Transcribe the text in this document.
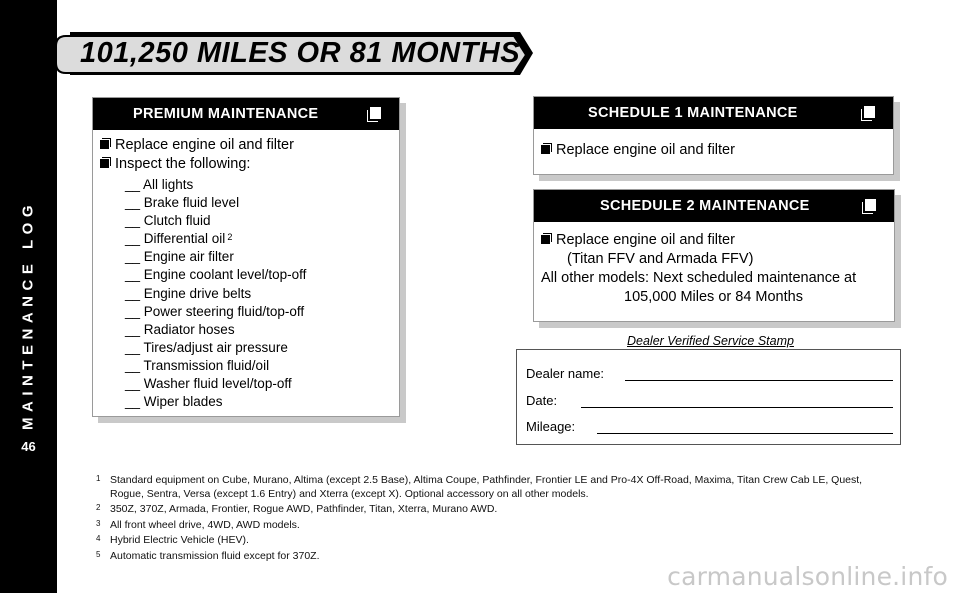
MAINTENANCE LOG
46
101,250 MILES OR 81 MONTHS
PREMIUM MAINTENANCE
Replace engine oil and filter
Inspect the following:
__ All lights
__ Brake fluid level
__ Clutch fluid
__ Differential oil $^2$
__ Engine air filter
__ Engine coolant level/top-off
__ Engine drive belts
__ Power steering fluid/top-off
__ Radiator hoses
__ Tires/adjust air pressure
__ Transmission fluid/oil
__ Washer fluid level/top-off
__ Wiper blades
SCHEDULE 1 MAINTENANCE
Replace engine oil and filter
SCHEDULE 2 MAINTENANCE
Replace engine oil and filter
(Titan FFV and Armada FFV)
All other models: Next scheduled maintenance at
105,000 Miles or 84 Months
Dealer Verified Service Stamp
Dealer name:
Date:
Mileage:
1 Standard equipment on Cube, Murano, Altima (except 2.5 Base), Altima Coupe, Pathfinder, Frontier LE and Pro-4X Off-Road, Maxima, Titan Crew Cab LE, Quest, Rogue, Sentra, Versa (except 1.6 Entry) and Xterra (except X). Optional accessory on all other models.
2 350Z, 370Z, Armada, Frontier, Rogue AWD, Pathfinder, Titan, Xterra, Murano AWD.
3 All front wheel drive, 4WD, AWD models.
4 Hybrid Electric Vehicle (HEV).
5 Automatic transmission fluid except for 370Z.
carmanualsonline.info
